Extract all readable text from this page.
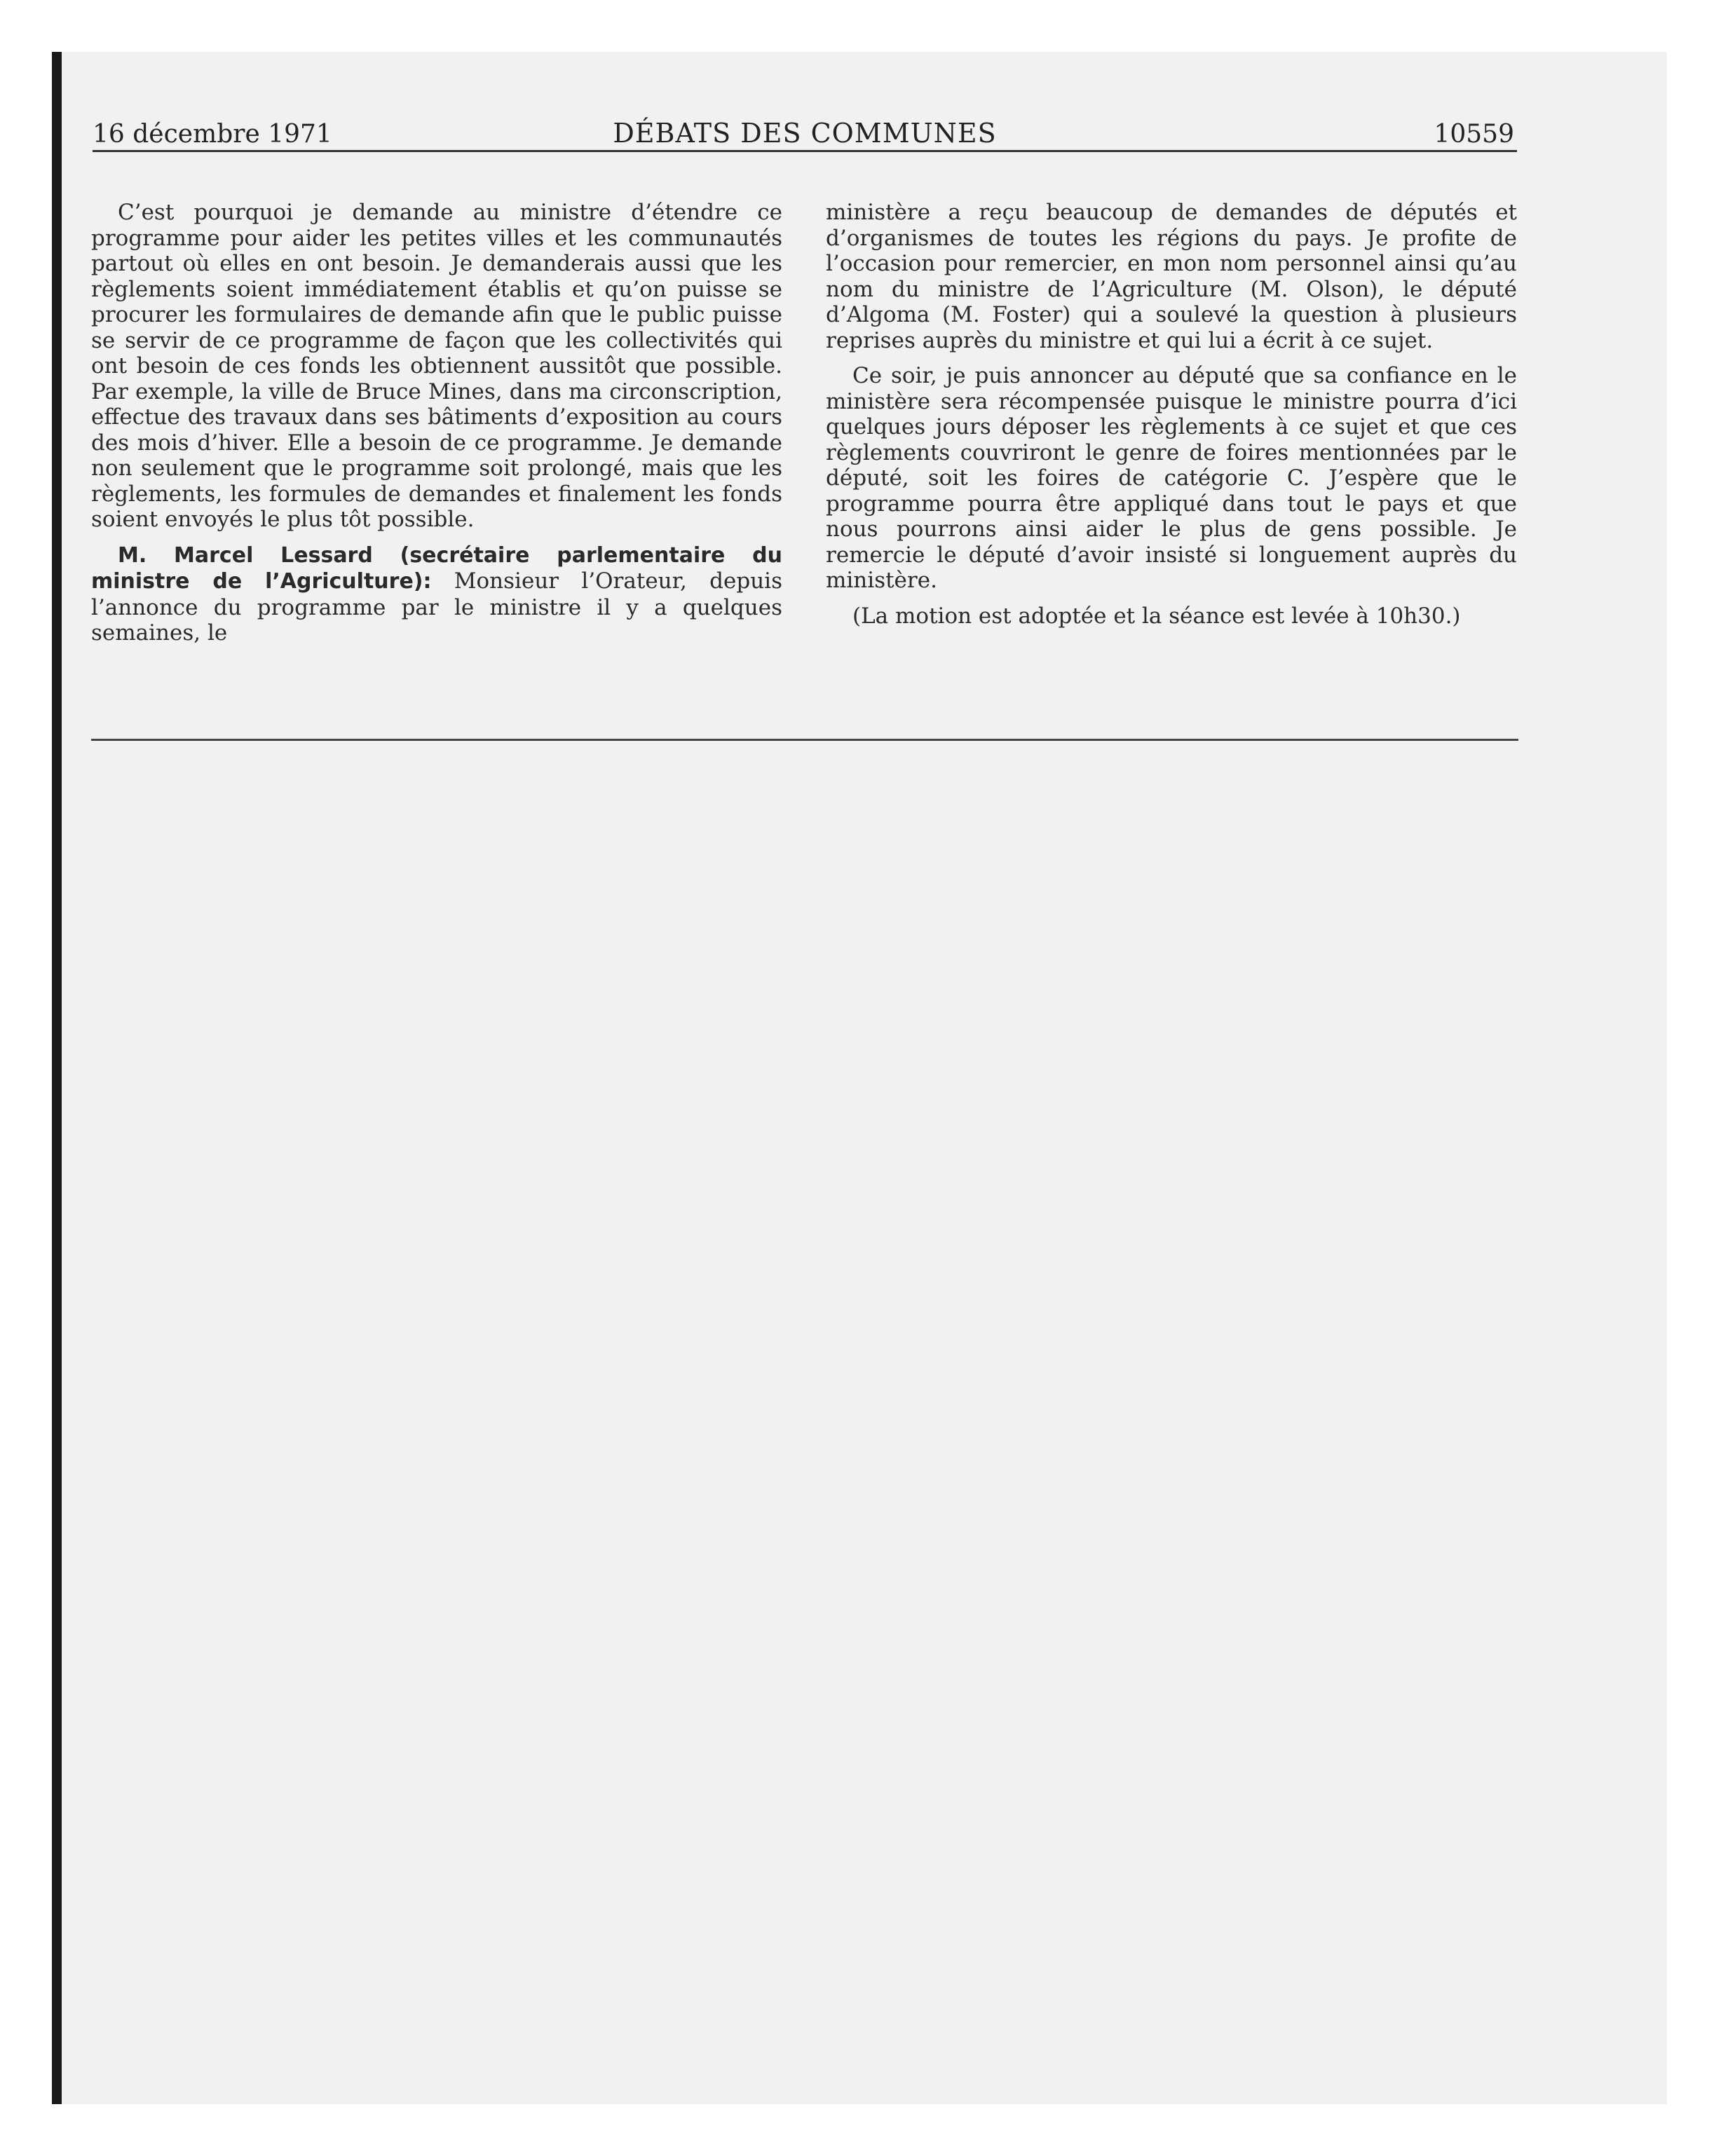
16 décembre 1971	DÉBATS DES COMMUNES	10559

C’est pourquoi je demande au ministre d’étendre ce programme pour aider les petites villes et les communautés partout où elles en ont besoin. Je demanderais aussi que les règlements soient immédiatement établis et qu’on puisse se procurer les formulaires de demande afin que le public puisse se servir de ce programme de façon que les collectivités qui ont besoin de ces fonds les obtiennent aussitôt que possible. Par exemple, la ville de Bruce Mines, dans ma circonscription, effectue des travaux dans ses bâtiments d’exposition au cours des mois d’hiver. Elle a besoin de ce programme. Je demande non seulement que le programme soit prolongé, mais que les règlements, les formules de demandes et finalement les fonds soient envoyés le plus tôt possible.

M. Marcel Lessard (secrétaire parlementaire du ministre de l’Agriculture): Monsieur l’Orateur, depuis l’annonce du programme par le ministre il y a quelques semaines, le

ministère a reçu beaucoup de demandes de députés et d’organismes de toutes les régions du pays. Je profite de l’occasion pour remercier, en mon nom personnel ainsi qu’au nom du ministre de l’Agriculture (M. Olson), le député d’Algoma (M. Foster) qui a soulevé la question à plusieurs reprises auprès du ministre et qui lui a écrit à ce sujet.

Ce soir, je puis annoncer au député que sa confiance en le ministère sera récompensée puisque le ministre pourra d’ici quelques jours déposer les règlements à ce sujet et que ces règlements couvriront le genre de foires mentionnées par le député, soit les foires de catégorie C. J’espère que le programme pourra être appliqué dans tout le pays et que nous pourrons ainsi aider le plus de gens possible. Je remercie le député d’avoir insisté si longuement auprès du ministère.

(La motion est adoptée et la séance est levée à 10h30.)
